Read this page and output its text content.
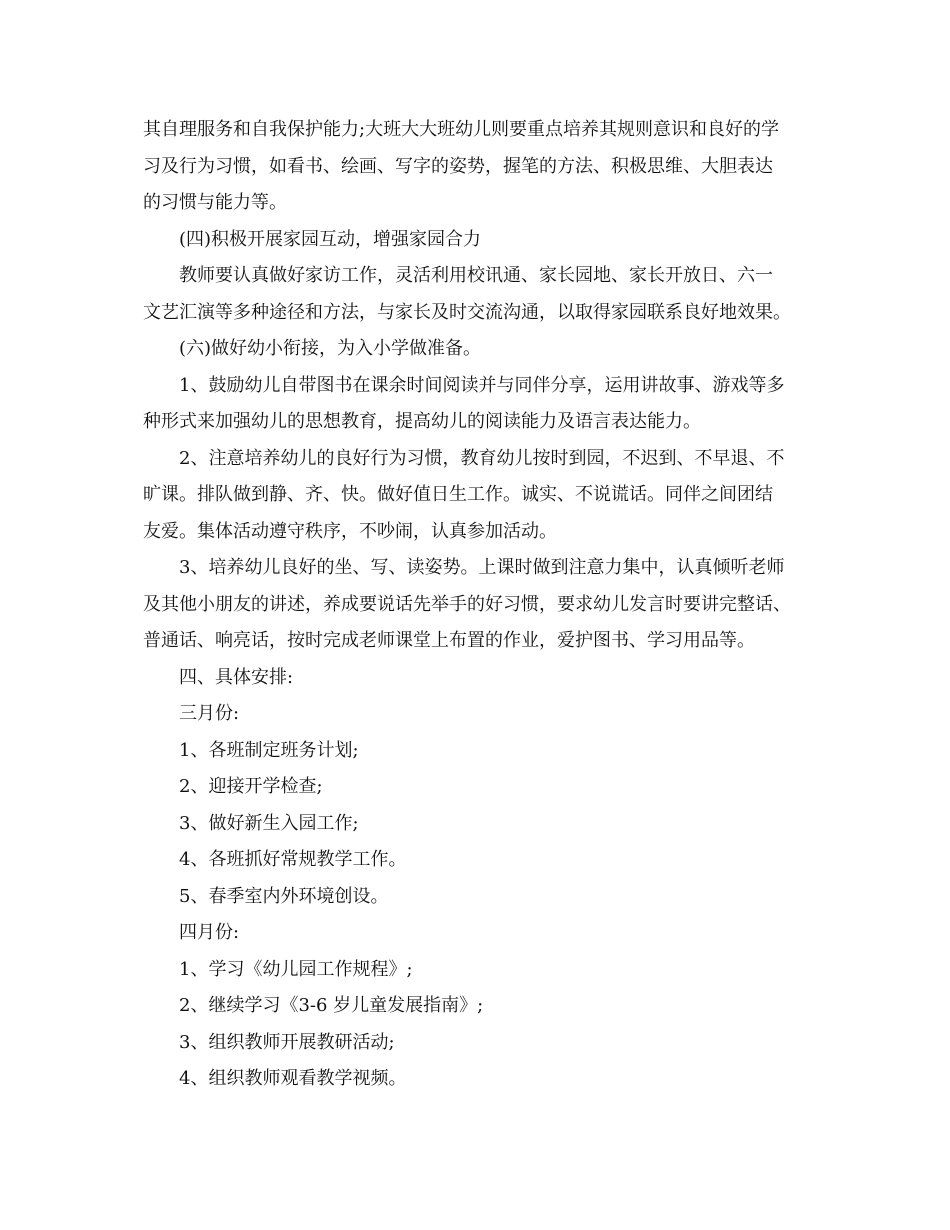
其自理服务和自我保护能力;大班大大班幼儿则要重点培养其规则意识和良好的学
习及行为习惯，如看书、绘画、写字的姿势，握笔的方法、积极思维、大胆表达
的习惯与能力等。

(四)积极开展家园互动，增强家园合力

教师要认真做好家访工作，灵活利用校讯通、家长园地、家长开放日、六一
文艺汇演等多种途径和方法，与家长及时交流沟通，以取得家园联系良好地效果。

(六)做好幼小衔接，为入小学做准备。

1、鼓励幼儿自带图书在课余时间阅读并与同伴分享，运用讲故事、游戏等多
种形式来加强幼儿的思想教育，提高幼儿的阅读能力及语言表达能力。

2、注意培养幼儿的良好行为习惯，教育幼儿按时到园，不迟到、不早退、不
旷课。排队做到静、齐、快。做好值日生工作。诚实、不说谎话。同伴之间团结
友爱。集体活动遵守秩序，不吵闹，认真参加活动。

3、培养幼儿良好的坐、写、读姿势。上课时做到注意力集中，认真倾听老师
及其他小朋友的讲述，养成要说话先举手的好习惯，要求幼儿发言时要讲完整话、
普通话、响亮话，按时完成老师课堂上布置的作业，爱护图书、学习用品等。

四、具体安排:

三月份:

1、各班制定班务计划;

2、迎接开学检查;

3、做好新生入园工作;

4、各班抓好常规教学工作。

5、春季室内外环境创设。

四月份:

1、学习《幼儿园工作规程》;

2、继续学习《3-6 岁儿童发展指南》;

3、组织教师开展教研活动;

4、组织教师观看教学视频。
